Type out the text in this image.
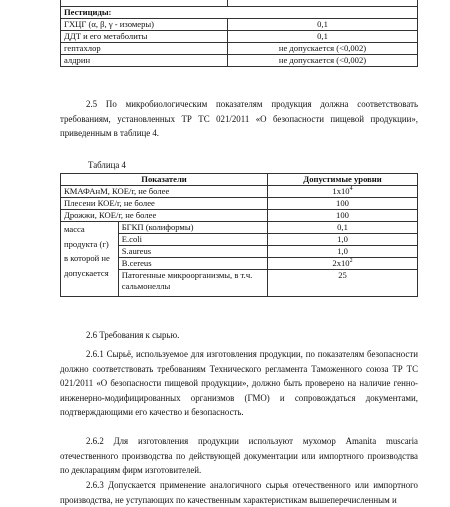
Пестициды:	
ГХЦГ (α, β, γ - изомеры)	0,1
ДДТ и его метаболиты	0,1
гептахлор	не допускается (<0,002)
алдрин	не допускается (<0,002)
2.5 По микробиологическим показателям продукция должна соответствовать требованиям, установленных ТР ТС 021/2011 «О безопасности пищевой продукции», приведенным в таблице 4.
Таблица 4
Показатели		Допустимые уровни
КМАФАнМ, КОЕ/г, не более		$1x10^4$
Плесени КОЕ/г, не более		100
Дрожжи, КОЕ/г, не более		100
масса продукта (г) в которой не допускается	БГКП (колиформы)	0,1
	E.coli	1,0
	S.aureus	1,0
	B.cereus	$2x10^2$
	Патогенные микроорганизмы, в т.ч. сальмонеллы	25
2.6 Требования к сырью.
2.6.1 Сырьё, используемое для изготовления продукции, по показателям безопасности должно соответствовать требованиям Технического регламента Таможенного союза ТР ТС 021/2011 «О безопасности пищевой продукции», должно быть проверено на наличие генно-инженерно-модифицированных организмов (ГМО) и сопровождаться документами, подтверждающими его качество и безопасность.
2.6.2 Для изготовления продукции используют мухомор Amanita muscaria отечественного производства по действующей документации или импортного производства по декларациям фирм изготовителей.
2.6.3 Допускается применение аналогичного сырья отечественного или импортного производства, не уступающих по качественным характеристикам вышеперечисленным и
